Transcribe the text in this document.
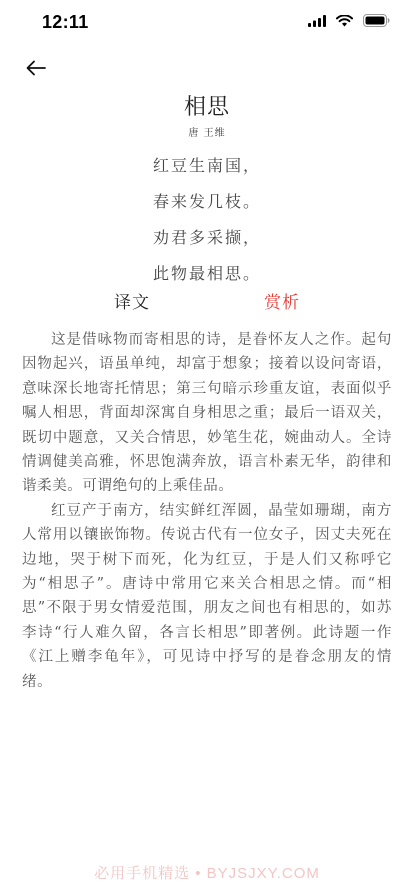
12:11
相思
唐 王维
红豆生南国，
春来发几枝。
劝君多采撷，
此物最相思。
译文	赏析

这是借咏物而寄相思的诗，是眷怀友人之作。起句因物起兴，语虽单纯，却富于想象；接着以设问寄语，意味深长地寄托情思；第三句暗示珍重友谊，表面似乎嘱人相思，背面却深寓自身相思之重；最后一语双关，既切中题意，又关合情思，妙笔生花，婉曲动人。全诗情调健美高雅，怀思饱满奔放，语言朴素无华，韵律和谐柔美。可谓绝句的上乘佳品。

红豆产于南方，结实鲜红浑圆，晶莹如珊瑚，南方人常用以镶嵌饰物。传说古代有一位女子，因丈夫死在边地，哭于树下而死，化为红豆，于是人们又称呼它为“相思子”。唐诗中常用它来关合相思之情。而“相思”不限于男女情爱范围，朋友之间也有相思的，如苏李诗“行人难久留，各言长相思”即著例。此诗题一作《江上赠李龟年》，可见诗中抒写的是眷念朋友的情绪。

必用手机精选 • BYJSJXY.COM
